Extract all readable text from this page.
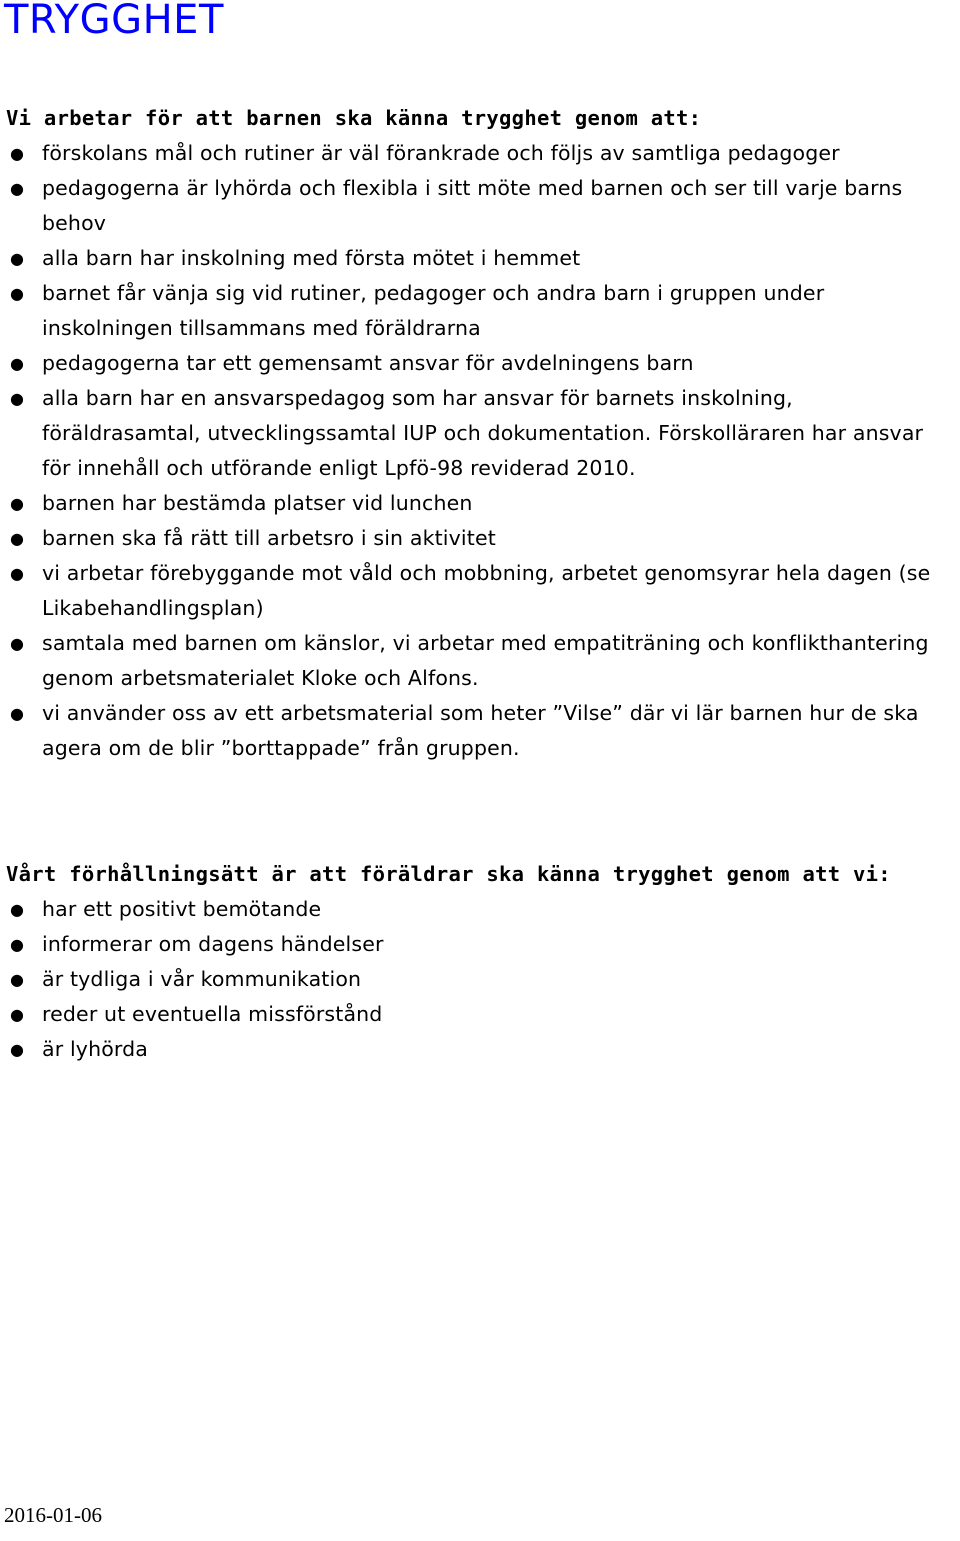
TRYGGHET
Vi arbetar för att barnen ska känna trygghet genom att:
● förskolans mål och rutiner är väl förankrade och följs av samtliga pedagoger
● pedagogerna är lyhörda och flexibla i sitt möte med barnen och ser till varje barns behov
● alla barn har inskolning med första mötet i hemmet
● barnet får vänja sig vid rutiner, pedagoger och andra barn i gruppen under inskolningen tillsammans med föräldrarna
● pedagogerna tar ett gemensamt ansvar för avdelningens barn
● alla barn har en ansvarspedagog som har ansvar för barnets inskolning, föräldrasamtal, utvecklingssamtal IUP och dokumentation. Förskolläraren har ansvar för innehåll och utförande enligt Lpfö-98 reviderad 2010.
● barnen har bestämda platser vid lunchen
● barnen ska få rätt till arbetsro i sin aktivitet
● vi arbetar förebyggande mot våld och mobbning, arbetet genomsyrar hela dagen (se Likabehandlingsplan)
● samtala med barnen om känslor, vi arbetar med empatiträning och konflikthantering genom arbetsmaterialet Kloke och Alfons.
● vi använder oss av ett arbetsmaterial som heter ”Vilse” där vi lär barnen hur de ska agera om de blir ”borttappade” från gruppen.
Vårt förhållningsätt är att föräldrar ska känna trygghet genom att vi:
● har ett positivt bemötande
● informerar om dagens händelser
● är tydliga i vår kommunikation
● reder ut eventuella missförstånd
● är lyhörda
2016-01-06
